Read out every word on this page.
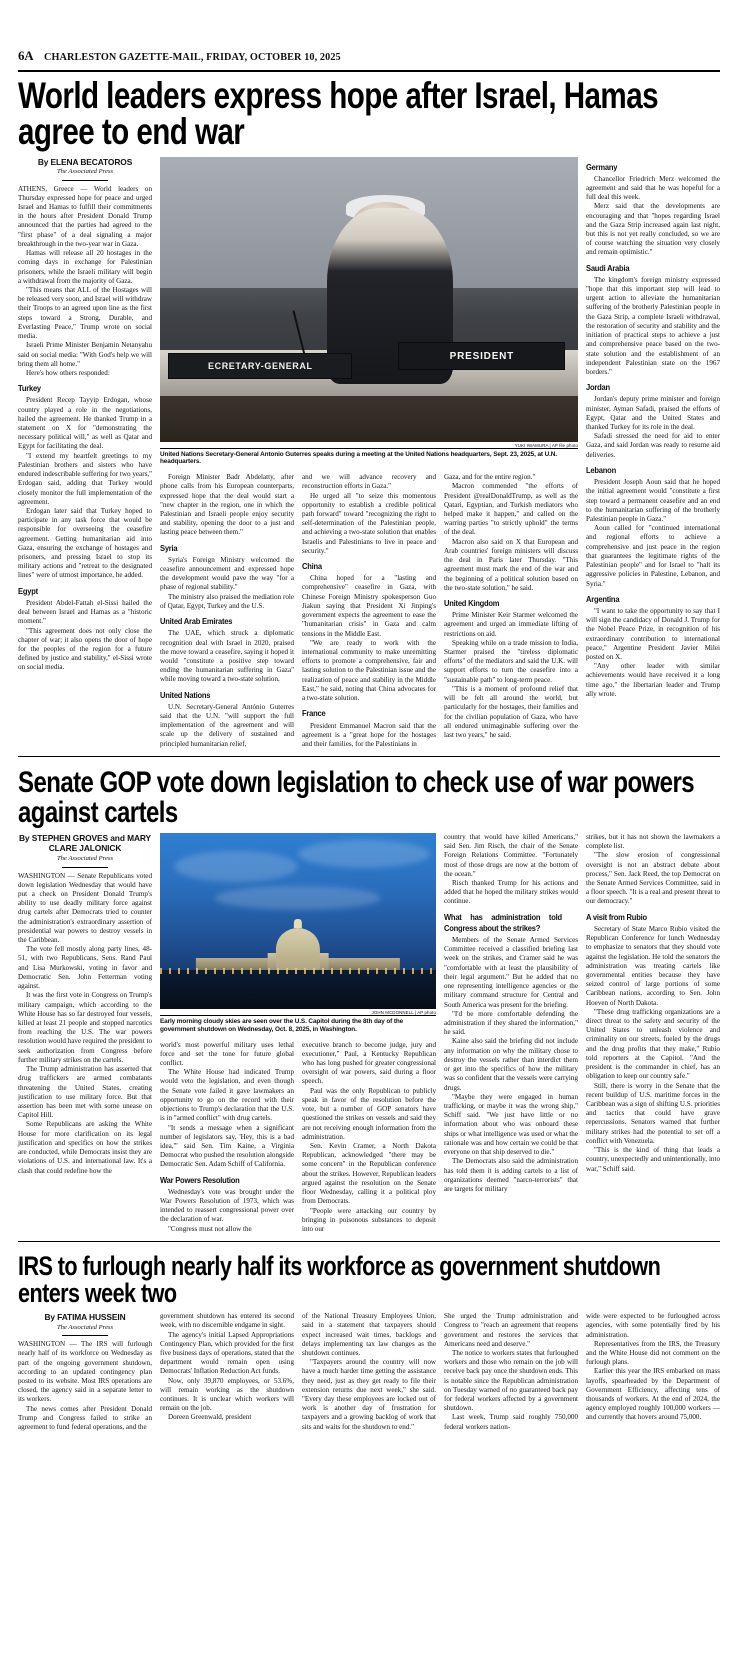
6A CHARLESTON GAZETTE-MAIL, FRIDAY, OCTOBER 10, 2025
World leaders express hope after Israel, Hamas agree to end war
By ELENA BECATOROS
The Associated Press

ATHENS, Greece — World leaders on Thursday expressed hope for peace and urged Israel and Hamas to fulfill their commitments in the hours after President Donald Trump announced that the parties had agreed to the "first phase" of a deal signaling a major breakthrough in the two-year war in Gaza.

Hamas will release all 20 hostages in the coming days in exchange for Palestinian prisoners, while the Israeli military will begin a withdrawal from the majority of Gaza.

"This means that ALL of the Hostages will be released very soon, and Israel will withdraw their Troops to an agreed upon line as the first steps toward a Strong, Durable, and Everlasting Peace," Trump wrote on social media.

Israeli Prime Minister Benjamin Netanyahu said on social media: "With God's help we will bring them all home."

Here's how others responded:

Turkey

President Recep Tayyip Erdogan, whose country played a role in the negotiations, hailed the agreement. He thanked Trump in a statement on X for "demonstrating the necessary political will," as well as Qatar and Egypt for facilitating the deal.

"I extend my heartfelt greetings to my Palestinian brothers and sisters who have endured indescribable suffering for two years," Erdogan said, adding that Turkey would closely monitor the full implementation of the agreement.

Erdogan later said that Turkey hoped to participate in any task force that would be responsible for overseeing the ceasefire agreement. Getting humanitarian aid into Gaza, ensuring the exchange of hostages and prisoners, and pressing Israel to stop its military actions and "retreat to the designated lines" were of utmost importance, he added.

Egypt

President Abdel-Fattah el-Sissi hailed the deal between Israel and Hamas as a "historic moment."

"This agreement does not only close the chapter of war; it also opens the door of hope for the peoples of the region for a future defined by justice and stability," el-Sissi wrote on social media.

ECRETARY-GENERAL
PRESIDENT
YUKI IWAMURA | AP file photo
United Nations Secretary-General Antonio Guterres speaks during a meeting at the United Nations headquarters, Sept. 23, 2025, at U.N. headquarters.

Foreign Minister Badr Abdelatty, after phone calls from his European counterparts, expressed hope that the deal would start a "new chapter in the region, one in which the Palestinian and Israeli people enjoy security and stability, opening the door to a just and lasting peace between them."

Syria

Syria's Foreign Ministry welcomed the ceasefire announcement and expressed hope the development would pave the way "for a phase of regional stability."

The ministry also praised the mediation role of Qatar, Egypt, Turkey and the U.S.

United Arab Emirates

The UAE, which struck a diplomatic recognition deal with Israel in 2020, praised the move toward a ceasefire, saying it hoped it would "constitute a positive step toward ending the humanitarian suffering in Gaza" while moving toward a two-state solution.

United Nations

U.N. Secretary-General António Guterres said that the U.N. "will support the full implementation of the agreement and will scale up the delivery of sustained and principled humanitarian relief,

and we will advance recovery and reconstruction efforts in Gaza."

He urged all "to seize this momentous opportunity to establish a credible political path forward" toward "recognizing the right to self-determination of the Palestinian people, and achieving a two-state solution that enables Israelis and Palestinians to live in peace and security."

China

China hoped for a "lasting and comprehensive" ceasefire in Gaza, with Chinese Foreign Ministry spokesperson Guo Jiakun saying that President Xi Jinping's government expects the agreement to ease the "humanitarian crisis" in Gaza and calm tensions in the Middle East.

"We are ready to work with the international community to make unremitting efforts to promote a comprehensive, fair and lasting solution to the Palestinian issue and the realization of peace and stability in the Middle East," he said, noting that China advocates for a two-state solution.

France

President Emmanuel Macron said that the agreement is a "great hope for the hostages and their families, for the Palestinians in

Gaza, and for the entire region."

Macron commended "the efforts of President @realDonaldTrump, as well as the Qatari, Egyptian, and Turkish mediators who helped make it happen," and called on the warring parties "to strictly uphold" the terms of the deal.

Macron also said on X that European and Arab countries' foreign ministers will discuss the deal in Paris later Thursday. "This agreement must mark the end of the war and the beginning of a political solution based on the two-state solution," he said.

United Kingdom

Prime Minister Keir Starmer welcomed the agreement and urged an immediate lifting of restrictions on aid.

Speaking while on a trade mission to India, Starmer praised the "tireless diplomatic efforts" of the mediators and said the U.K. will support efforts to turn the ceasefire into a "sustainable path" to long-term peace.

"This is a moment of profound relief that will be felt all around the world, but particularly for the hostages, their families and for the civilian population of Gaza, who have all endured unimaginable suffering over the last two years," he said.

Germany

Chancellor Friedrich Merz welcomed the agreement and said that he was hopeful for a full deal this week.

Merz said that the developments are encouraging and that "hopes regarding Israel and the Gaza Strip increased again last night, but this is not yet really concluded, so we are of course watching the situation very closely and remain optimistic."

Saudi Arabia

The kingdom's foreign ministry expressed "hope that this important step will lead to urgent action to alleviate the humanitarian suffering of the brotherly Palestinian people in the Gaza Strip, a complete Israeli withdrawal, the restoration of security and stability and the initiation of practical steps to achieve a just and comprehensive peace based on the two-state solution and the establishment of an independent Palestinian state on the 1967 borders."

Jordan

Jordan's deputy prime minister and foreign minister, Ayman Safadi, praised the efforts of Egypt, Qatar and the United States and thanked Turkey for its role in the deal.

Safadi stressed the need for aid to enter Gaza, and said Jordan was ready to resume aid deliveries.

Lebanon

President Joseph Aoun said that he hoped the initial agreement would "constitute a first step toward a permanent ceasefire and an end to the humanitarian suffering of the brotherly Palestinian people in Gaza."

Aoun called for "continued international and regional efforts to achieve a comprehensive and just peace in the region that guarantees the legitimate rights of the Palestinian people" and for Israel to "halt its aggressive policies in Palestine, Lebanon, and Syria."

Argentina

"I want to take the opportunity to say that I will sign the candidacy of Donald J. Trump for the Nobel Peace Prize, in recognition of his extraordinary contribution to international peace," Argentine President Javier Milei posted on X.

"Any other leader with similar achievements would have received it a long time ago," the libertarian leader and Trump ally wrote.

Senate GOP vote down legislation to check use of war powers against cartels
By STEPHEN GROVES and MARY CLARE JALONICK
The Associated Press

WASHINGTON — Senate Republicans voted down legislation Wednesday that would have put a check on President Donald Trump's ability to use deadly military force against drug cartels after Democrats tried to counter the administration's extraordinary assertion of presidential war powers to destroy vessels in the Caribbean.

The vote fell mostly along party lines, 48-51, with two Republicans, Sens. Rand Paul and Lisa Murkowski, voting in favor and Democratic Sen. John Fetterman voting against.

It was the first vote in Congress on Trump's military campaign, which according to the White House has so far destroyed four vessels, killed at least 21 people and stopped narcotics from reaching the U.S. The war powers resolution would have required the president to seek authorization from Congress before further military strikes on the cartels.

The Trump administration has asserted that drug traffickers are armed combatants threatening the United States, creating justification to use military force. But that assertion has been met with some unease on Capitol Hill.

Some Republicans are asking the White House for more clarification on its legal justification and specifics on how the strikes are conducted, while Democrats insist they are violations of U.S. and international law. It's a clash that could redefine how the

JOHN MCDONNELL | AP photo
Early morning cloudy skies are seen over the U.S. Capitol during the 8th day of the government shutdown on Wednesday, Oct. 8, 2025, in Washington.

world's most powerful military uses lethal force and set the tone for future global conflict.

The White House had indicated Trump would veto the legislation, and even though the Senate vote failed it gave lawmakers an opportunity to go on the record with their objections to Trump's declaration that the U.S. is in "armed conflict" with drug cartels.

"It sends a message when a significant number of legislators say, 'Hey, this is a bad idea,'" said Sen. Tim Kaine, a Virginia Democrat who pushed the resolution alongside Democratic Sen. Adam Schiff of California.

War Powers Resolution

Wednesday's vote was brought under the War Powers Resolution of 1973, which was intended to reassert congressional power over the declaration of war.

"Congress must not allow the

executive branch to become judge, jury and executioner," Paul, a Kentucky Republican who has long pushed for greater congressional oversight of war powers, said during a floor speech.

Paul was the only Republican to publicly speak in favor of the resolution before the vote, but a number of GOP senators have questioned the strikes on vessels and said they are not receiving enough information from the administration.

Sen. Kevin Cramer, a North Dakota Republican, acknowledged "there may be some concern" in the Republican conference about the strikes. However, Republican leaders argued against the resolution on the Senate floor Wednesday, calling it a political ploy from Democrats.

"People were attacking our country by bringing in poisonous substances to deposit into our

country that would have killed Americans," said Sen. Jim Risch, the chair of the Senate Foreign Relations Committee. "Fortunately most of those drugs are now at the bottom of the ocean."

Risch thanked Trump for his actions and added that he hoped the military strikes would continue.

What has administration told Congress about the strikes?

Members of the Senate Armed Services Committee received a classified briefing last week on the strikes, and Cramer said he was "comfortable with at least the plausibility of their legal argument." But he added that no one representing intelligence agencies or the military command structure for Central and South America was present for the briefing.

"I'd be more comfortable defending the administration if they shared the information," he said.

Kaine also said the briefing did not include any information on why the military chose to destroy the vessels rather than interdict them or get into the specifics of how the military was so confident that the vessels were carrying drugs.

"Maybe they were engaged in human trafficking, or maybe it was the wrong ship," Schiff said. "We just have little or no information about who was onboard these ships or what intelligence was used or what the rationale was and how certain we could be that everyone on that ship deserved to die."

The Democrats also said the administration has told them it is adding cartels to a list of organizations deemed "narco-terrorists" that are targets for military

strikes, but it has not shown the lawmakers a complete list.

"The slow erosion of congressional oversight is not an abstract debate about process," Sen. Jack Reed, the top Democrat on the Senate Armed Services Committee, said in a floor speech. "It is a real and present threat to our democracy."

A visit from Rubio

Secretary of State Marco Rubio visited the Republican Conference for lunch Wednesday to emphasize to senators that they should vote against the legislation. He told the senators the administration was treating cartels like governmental entities because they have seized control of large portions of some Caribbean nations, according to Sen. John Hoeven of North Dakota.

"These drug trafficking organizations are a direct threat to the safety and security of the United States to unleash violence and criminality on our streets, fueled by the drugs and the drug profits that they make," Rubio told reporters at the Capitol. "And the president is the commander in chief, has an obligation to keep our country safe."

Still, there is worry in the Senate that the recent buildup of U.S. maritime forces in the Caribbean was a sign of shifting U.S. priorities and tactics that could have grave repercussions. Senators warned that further military strikes had the potential to set off a conflict with Venezuela.

"This is the kind of thing that leads a country, unexpectedly and unintentionally, into war," Schiff said.

IRS to furlough nearly half its workforce as government shutdown enters week two
By FATIMA HUSSEIN
The Associated Press

WASHINGTON — The IRS will furlough nearly half of its workforce on Wednesday as part of the ongoing government shutdown, according to an updated contingency plan posted to its website. Most IRS operations are closed, the agency said in a separate letter to its workers.

The news comes after President Donald Trump and Congress failed to strike an agreement to fund federal operations, and the

government shutdown has entered its second week, with no discernible endgame in sight.

The agency's initial Lapsed Appropriations Contingency Plan, which provided for the first five business days of operations, stated that the department would remain open using Democrats' Inflation Reduction Act funds.

Now, only 39,870 employees, or 53.6%, will remain working as the shutdown continues. It is unclear which workers will remain on the job.

Doreen Greenwald, president

of the National Treasury Employees Union, said in a statement that taxpayers should expect increased wait times, backlogs and delays implementing tax law changes as the shutdown continues.

"Taxpayers around the country will now have a much harder time getting the assistance they need, just as they get ready to file their extension returns due next week," she said. "Every day these employees are locked out of work is another day of frustration for taxpayers and a growing backlog of work that sits and waits for the shutdown to end."

She urged the Trump administration and Congress to "reach an agreement that reopens government and restores the services that Americans need and deserve."

The notice to workers states that furloughed workers and those who remain on the job will receive back pay once the shutdown ends. This is notable since the Republican administration on Tuesday warned of no guaranteed back pay for federal workers affected by a government shutdown.

Last week, Trump said roughly 750,000 federal workers nation-

wide were expected to be furloughed across agencies, with some potentially fired by his administration.

Representatives from the IRS, the Treasury and the White House did not comment on the furlough plans.

Earlier this year the IRS embarked on mass layoffs, spearheaded by the Department of Government Efficiency, affecting tens of thousands of workers. At the end of 2024, the agency employed roughly 100,000 workers — and currently that hovers around 75,000.
